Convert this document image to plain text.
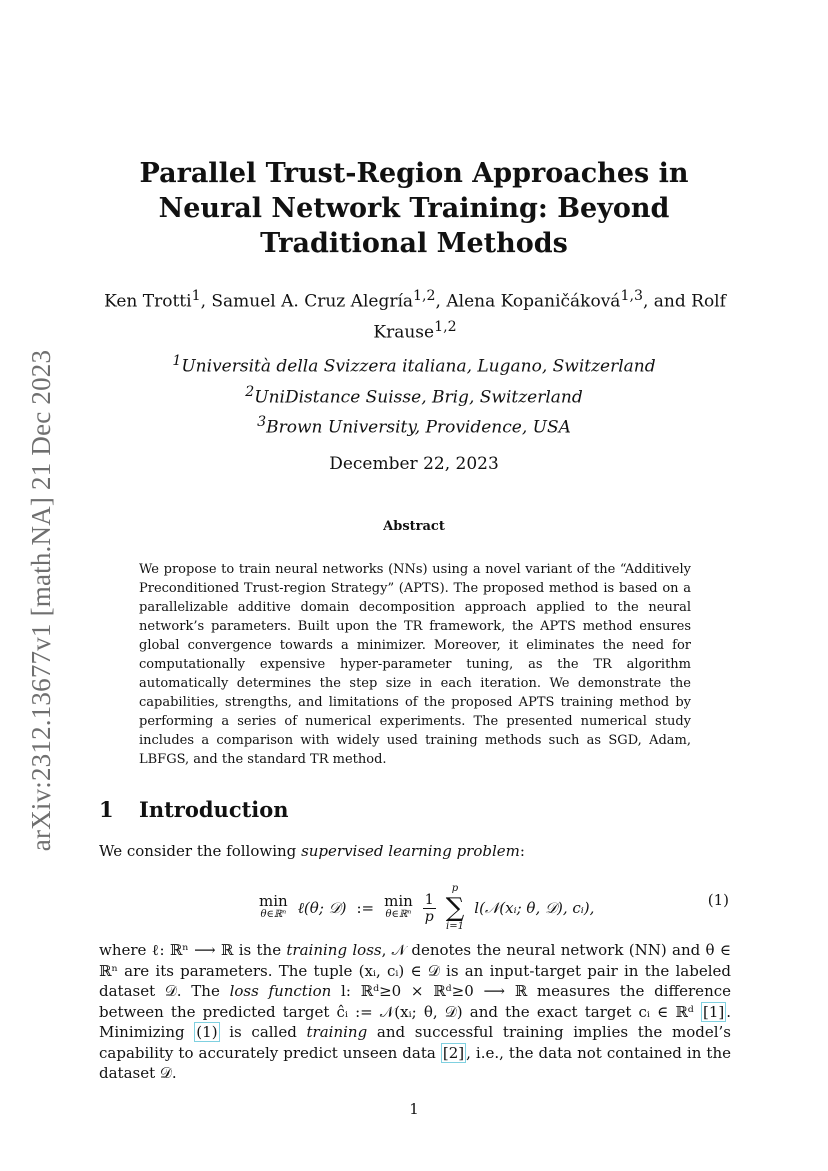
arXiv:2312.13677v1 [math.NA] 21 Dec 2023
Parallel Trust-Region Approaches in Neural Network Training: Beyond Traditional Methods
Ken Trotti$^1$, Samuel A. Cruz Alegría$^{1,2}$, Alena Kopaničáková$^{1,3}$, and Rolf Krause$^{1,2}$
$^1$Università della Svizzera italiana, Lugano, Switzerland
$^2$UniDistance Suisse, Brig, Switzerland
$^3$Brown University, Providence, USA
December 22, 2023
Abstract

We propose to train neural networks (NNs) using a novel variant of the “Additively Preconditioned Trust-region Strategy” (APTS). The proposed method is based on a parallelizable additive domain decomposition approach applied to the neural network’s parameters. Built upon the TR framework, the APTS method ensures global convergence towards a minimizer. Moreover, it eliminates the need for computationally expensive hyper-parameter tuning, as the TR algorithm automatically determines the step size in each iteration. We demonstrate the capabilities, strengths, and limitations of the proposed APTS training method by performing a series of numerical experiments. The presented numerical study includes a comparison with widely used training methods such as SGD, Adam, LBFGS, and the standard TR method.

1 Introduction

We consider the following supervised learning problem:

min
θ∈ℝⁿ ℓ(θ; 𝒟) := min
θ∈ℝⁿ $\frac{1}{p}$
p
∑
i=1
l(𝒩(xᵢ; θ, 𝒟), cᵢ),	(1)

where ℓ: ℝⁿ ⟶ ℝ is the training loss, 𝒩 denotes the neural network (NN) and θ ∈ ℝⁿ are its parameters. The tuple (xᵢ, cᵢ) ∈ 𝒟 is an input-target pair in the labeled dataset 𝒟. The loss function l: ℝᵈ≥0 × ℝᵈ≥0 ⟶ ℝ measures the difference between the predicted target ĉᵢ := 𝒩(xᵢ; θ, 𝒟) and the exact target cᵢ ∈ ℝᵈ [1] . Minimizing (1) is called training and successful training implies the model’s capability to accurately predict unseen data [2] , i.e., the data not contained in the dataset 𝒟.

1
